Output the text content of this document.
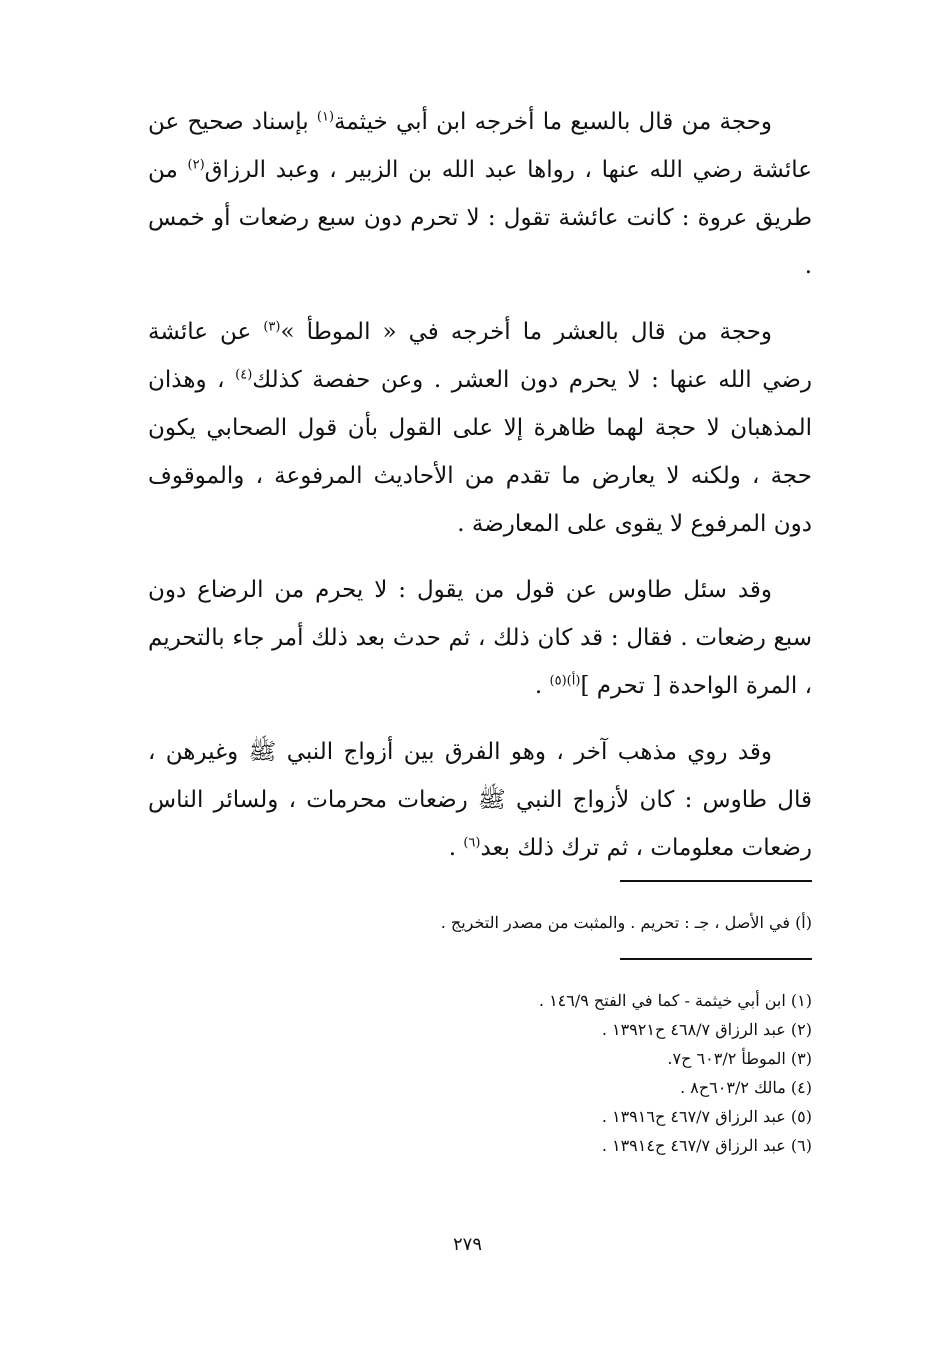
وحجة من قال بالسبع ما أخرجه ابن أبي خيثمة$^{(١)}$ بإسناد صحيح عن عائشة رضي الله عنها ، رواها عبد الله بن الزبير ، وعبد الرزاق$^{(٢)}$ من طريق عروة : كانت عائشة تقول : لا تحرم دون سبع رضعات أو خمس .

وحجة من قال بالعشر ما أخرجه في « الموطأ »$^{(٣)}$ عن عائشة رضي الله عنها : لا يحرم دون العشر . وعن حفصة كذلك$^{(٤)}$ ، وهذان المذهبان لا حجة لهما ظاهرة إلا على القول بأن قول الصحابي يكون حجة ، ولكنه لا يعارض ما تقدم من الأحاديث المرفوعة ، والموقوف دون المرفوع لا يقوى على المعارضة .

وقد سئل طاوس عن قول من يقول : لا يحرم من الرضاع دون سبع رضعات . فقال : قد كان ذلك ، ثم حدث بعد ذلك أمر جاء بالتحريم ، المرة الواحدة [ تحرم ]$^{(أ)(٥)}$ .

وقد روي مذهب آخر ، وهو الفرق بين أزواج النبي ﷺ وغيرهن ، قال طاوس : كان لأزواج النبي ﷺ رضعات محرمات ، ولسائر الناس رضعات معلومات ، ثم ترك ذلك بعد$^{(٦)}$ .

(أ) في الأصل ، جـ : تحريم . والمثبت من مصدر التخريج .
(١) ابن أبي خيثمة - كما في الفتح ١٤٦/٩ .
(٢) عبد الرزاق ٤٦٨/٧ ح١٣٩٢١ .
(٣) الموطأ ٦٠٣/٢ ح٧.
(٤) مالك ٦٠٣/٢ح٨ .
(٥) عبد الرزاق ٤٦٧/٧ ح١٣٩١٦ .
(٦) عبد الرزاق ٤٦٧/٧ ح١٣٩١٤ .
٢٧٩
